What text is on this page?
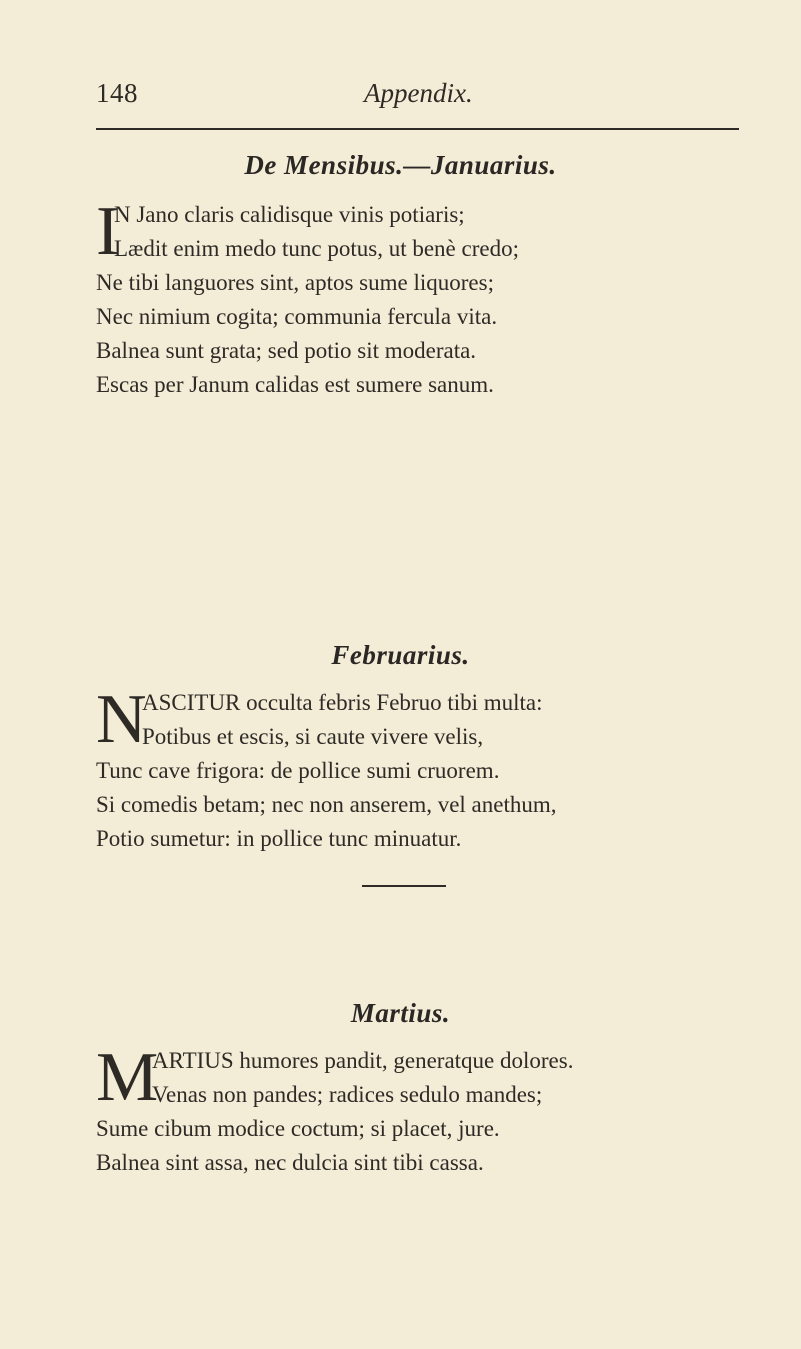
148	Appendix.
De Mensibus.—Januarius.
I
N Jano claris calidisque vinis potiaris;
Lædit enim medo tunc potus, ut benè credo;
Ne tibi languores sint, aptos sume liquores;
Nec nimium cogita; communia fercula vita.
Balnea sunt grata; sed potio sit moderata.
Escas per Janum calidas est sumere sanum.
Februarius.
N
ASCITUR occulta febris Februo tibi multa:
Potibus et escis, si caute vivere velis,
Tunc cave frigora: de pollice sumi cruorem.
Si comedis betam; nec non anserem, vel anethum,
Potio sumetur: in pollice tunc minuatur.
Martius.
M
ARTIUS humores pandit, generatque dolores.
Venas non pandes; radices sedulo mandes;
Sume cibum modice coctum; si placet, jure.
Balnea sint assa, nec dulcia sint tibi cassa.
